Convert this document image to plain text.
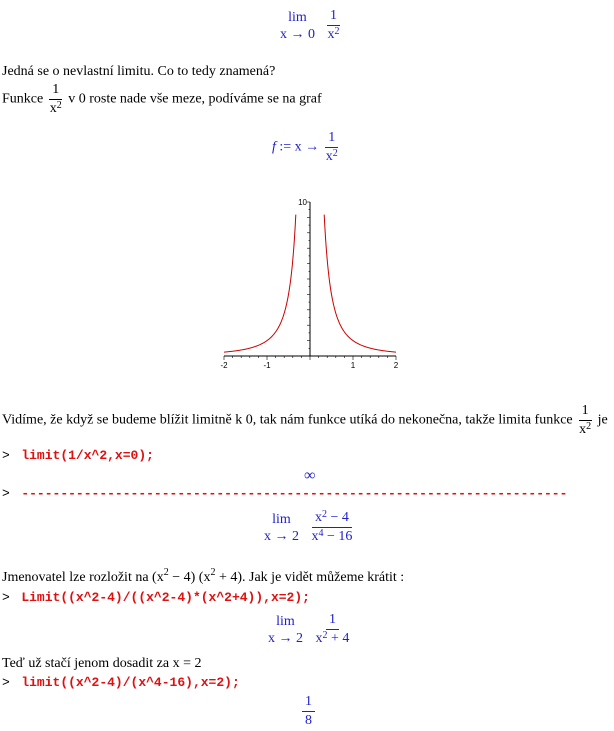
lim
x → 0
$\frac{1}{x^2}$
Jedná se o nevlastní limitu. Co to tedy znamená?
Funkce $\frac{1}{x^2}$ v 0 roste nade vše meze, podíváme se na graf
f := $x \to \frac{1}{x^2}$
-2	-1	1	2
10
Vidíme, že když se budeme blížit limitně k 0, tak nám funkce utíká do nekonečna, takže limita funkce $\frac{1}{x^2}$ je
> limit(1/x^2,x=0);
∞
> ----------------------------------------------------------------------
lim
x → 2
$\frac{x^2 - 4}{x^4 - 16}$
Jmenovatel lze rozložit na $(x^2 - 4) (x^2 + 4)$. Jak je vidět můžeme krátit :
> Limit((x^2-4)/((x^2-4)*(x^2+4)),x=2);
lim
x → 2
$\frac{1}{x^2 + 4}$
Teď už stačí jenom dosadit za x = 2
> limit((x^2-4)/(x^4-16),x=2);
$\frac{1}{8}$
